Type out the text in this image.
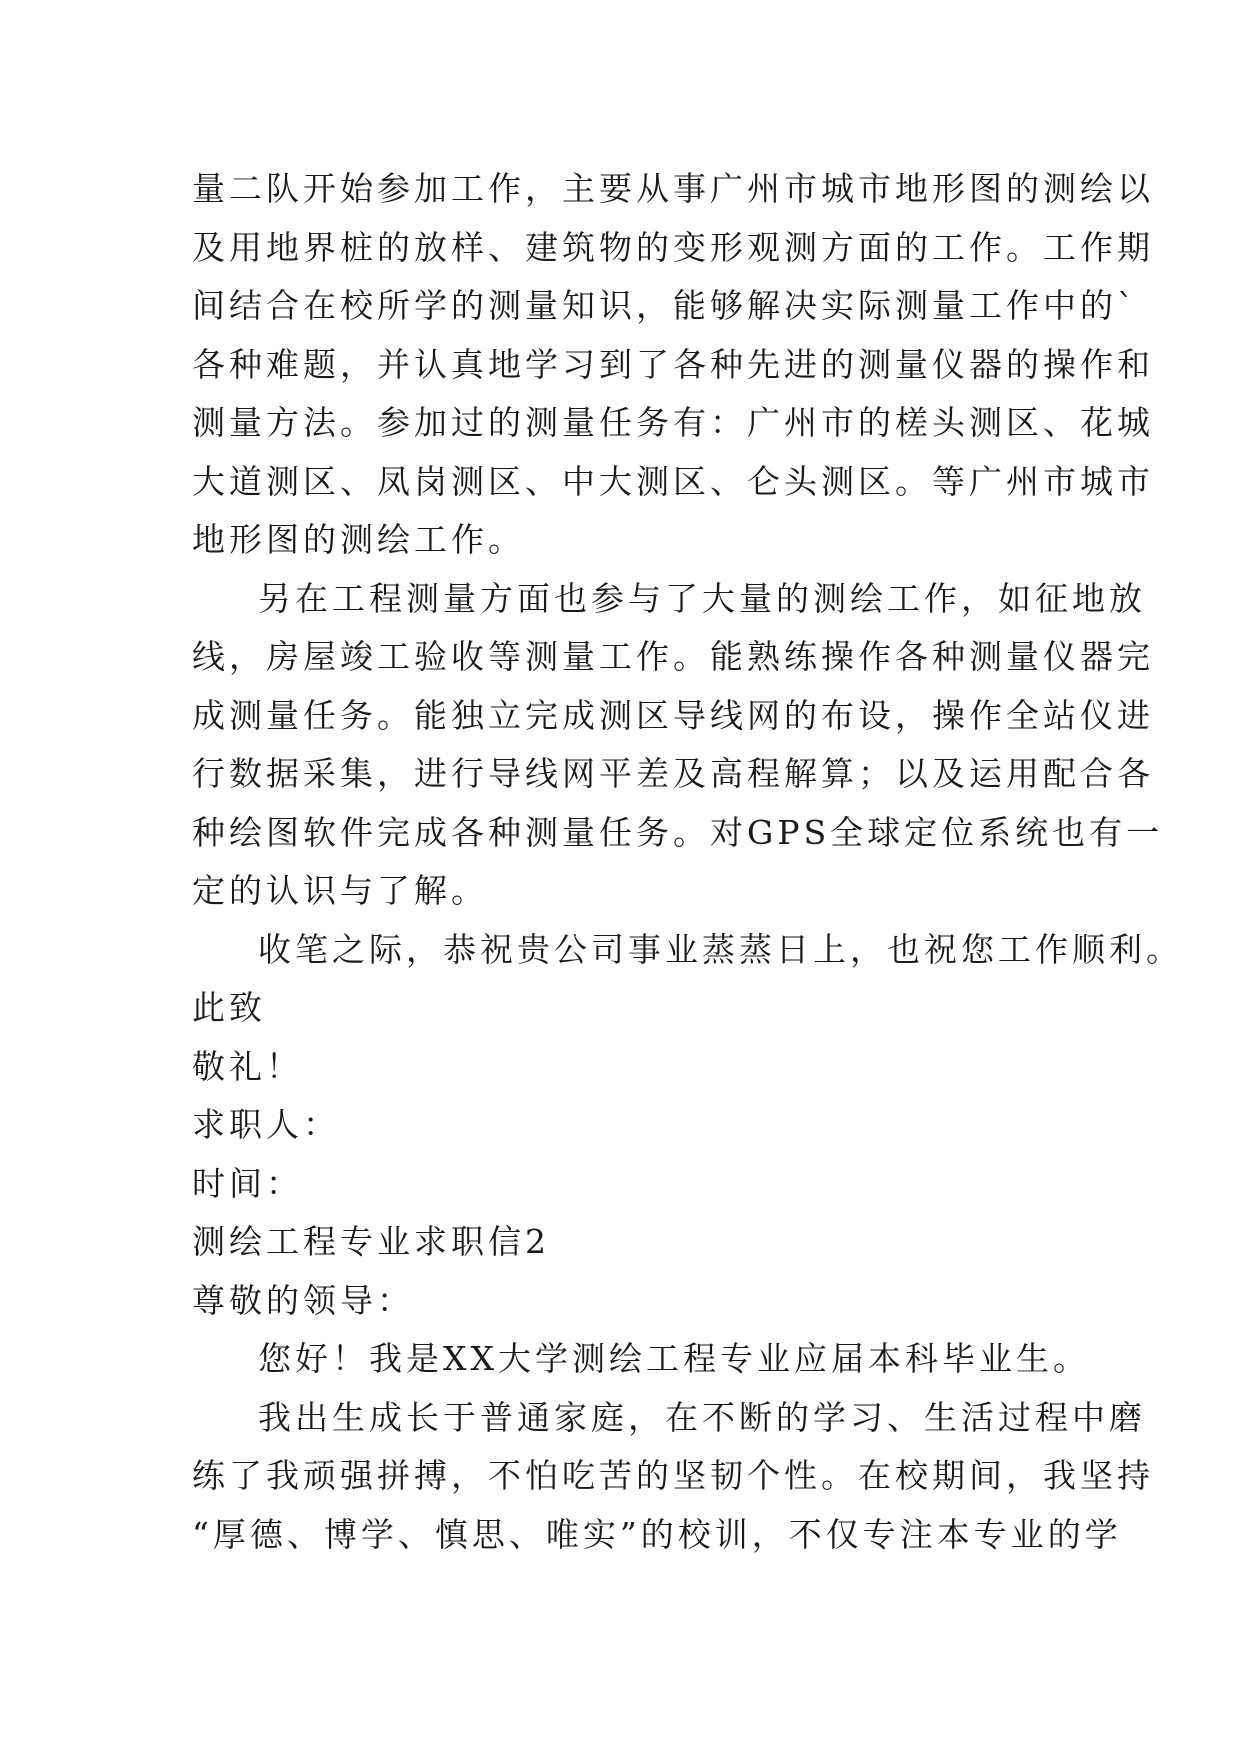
量二队开始参加工作，主要从事广州市城市地形图的测绘以
及用地界桩的放样、建筑物的变形观测方面的工作。工作期
间结合在校所学的测量知识，能够解决实际测量工作中的`
各种难题，并认真地学习到了各种先进的测量仪器的操作和
测量方法。参加过的测量任务有：广州市的槎头测区、花城
大道测区、凤岗测区、中大测区、仑头测区。等广州市城市
地形图的测绘工作。
另在工程测量方面也参与了大量的测绘工作，如征地放
线，房屋竣工验收等测量工作。能熟练操作各种测量仪器完
成测量任务。能独立完成测区导线网的布设，操作全站仪进
行数据采集，进行导线网平差及高程解算；以及运用配合各
种绘图软件完成各种测量任务。对GPS全球定位系统也有一
定的认识与了解。
收笔之际，恭祝贵公司事业蒸蒸日上，也祝您工作顺利。
此致
敬礼！
求职人：
时间：
测绘工程专业求职信2
尊敬的领导：
您好！我是XX大学测绘工程专业应届本科毕业生。
我出生成长于普通家庭，在不断的学习、生活过程中磨
练了我顽强拼搏，不怕吃苦的坚韧个性。在校期间，我坚持
“厚德、博学、慎思、唯实”的校训，不仅专注本专业的学
